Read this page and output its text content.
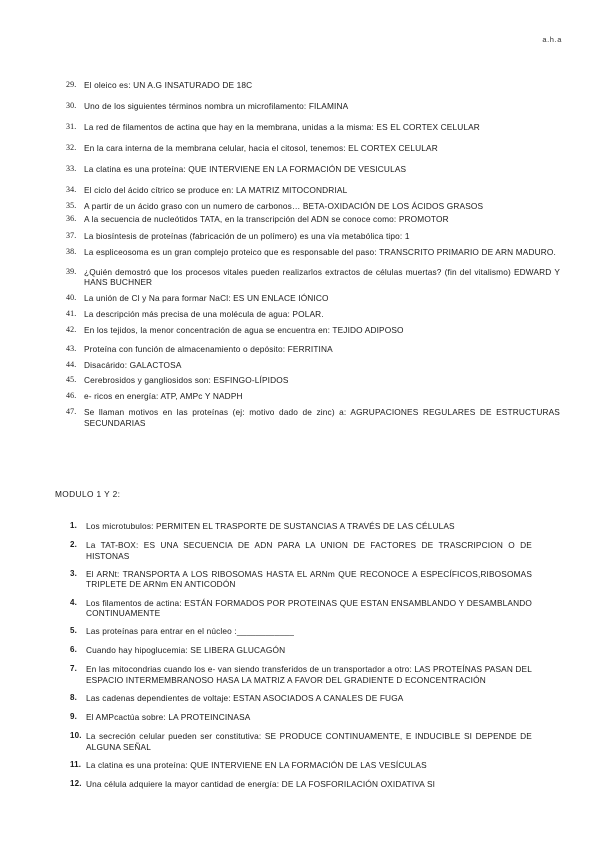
a.h.a
29. El oleico es: UN A.G INSATURADO DE 18C
30. Uno de los siguientes términos nombra un microfilamento: FILAMINA
31. La red de filamentos de actina que hay en la membrana, unidas a la misma: ES EL CORTEX CELULAR
32. En la cara interna de la membrana celular, hacia el citosol, tenemos: EL CORTEX CELULAR
33. La clatina es una proteína: QUE INTERVIENE EN LA FORMACIÓN DE VESICULAS
34. El ciclo del ácido cítrico se produce en: LA MATRIZ MITOCONDRIAL
35. A partir de un ácido graso con un numero de carbonos… BETA-OXIDACIÓN DE LOS ÁCIDOS GRASOS
36. A la secuencia de nucleótidos TATA, en la transcripción del ADN se conoce como: PROMOTOR
37. La biosíntesis de proteínas (fabricación de un polímero) es una vía metabólica tipo: 1
38. La espliceosoma es un gran complejo proteico que es responsable del paso: TRANSCRITO PRIMARIO DE ARN MADURO.
39. ¿Quién demostró que los procesos vitales pueden realizarlos extractos de células muertas? (fin del vitalismo) EDWARD Y HANS BUCHNER
40. La unión de Cl y Na para formar NaCl: ES UN ENLACE IÓNICO
41. La descripción más precisa de una molécula de agua: POLAR.
42. En los tejidos, la menor concentración de agua se encuentra en: TEJIDO ADIPOSO
43. Proteína con función de almacenamiento o depósito: FERRITINA
44. Disacárido: GALACTOSA
45. Cerebrosidos y gangliosidos son: ESFINGO-LÍPIDOS
46. e- ricos en energía: ATP, AMPc Y NADPH
47. Se llaman motivos en las proteínas (ej: motivo dado de zinc) a: AGRUPACIONES REGULARES DE ESTRUCTURAS SECUNDARIAS
MODULO 1 Y 2:
1.	Los microtubulos: PERMITEN EL TRASPORTE DE SUSTANCIAS A TRAVÉS DE LAS CÉLULAS
2.	La TAT-BOX: ES UNA SECUENCIA DE ADN PARA LA UNION DE FACTORES DE TRASCRIPCION O DE HISTONAS
3.	El ARNt: TRANSPORTA A LOS RIBOSOMAS HASTA EL ARNm QUE RECONOCE A ESPECÍFICOS,RIBOSOMAS TRIPLETE DE ARNm EN ANTICODÓN
4.	Los filamentos de actina: ESTÁN FORMADOS POR PROTEINAS QUE ESTAN ENSAMBLANDO Y DESAMBLANDO CONTINUAMENTE
5.	Las proteínas para entrar en el núcleo :____________
6.	Cuando hay hipoglucemia: SE LIBERA GLUCAGÓN
7.	En las mitocondrias cuando los e- van siendo transferidos de un transportador a otro: LAS PROTEÍNAS PASAN DEL ESPACIO INTERMEMBRANOSO HASA LA MATRIZ A FAVOR DEL GRADIENTE D ECONCENTRACIÓN
8.	Las cadenas dependientes de voltaje: ESTAN ASOCIADOS A CANALES DE FUGA
9.	El AMPcactúa sobre: LA PROTEINCINASA
10. La secreción celular pueden ser constitutiva: SE PRODUCE CONTINUAMENTE, E INDUCIBLE SI DEPENDE DE ALGUNA SEÑAL
11. La clatina es una proteína: QUE INTERVIENE EN LA FORMACIÓN DE LAS VESÍCULAS
12. Una célula adquiere la mayor cantidad de energía: DE LA FOSFORILACIÓN OXIDATIVA SI
